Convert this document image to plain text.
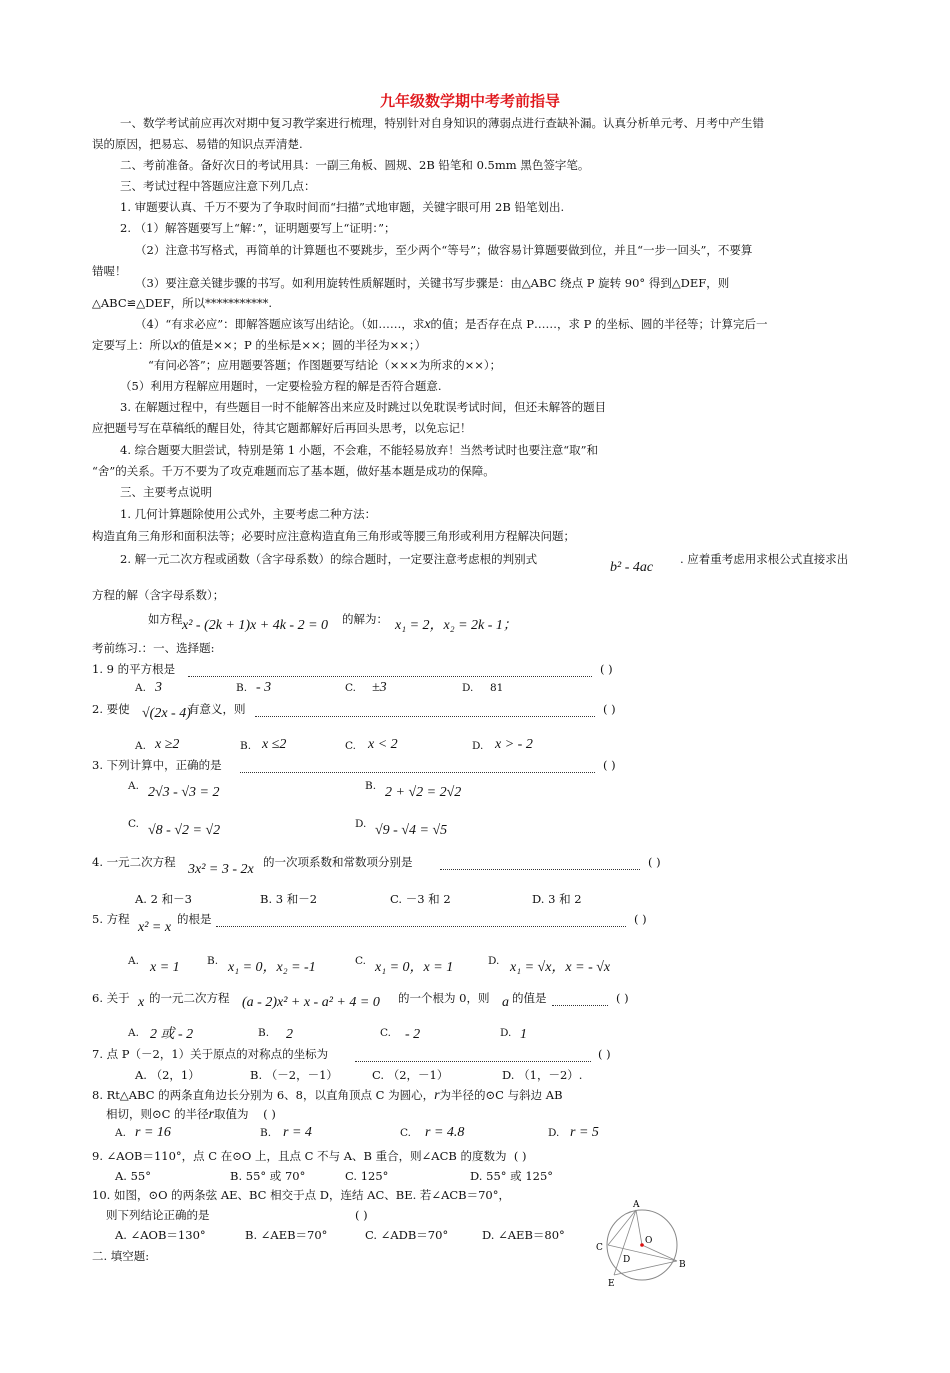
九年级数学期中考考前指导
一、数学考试前应再次对期中复习教学案进行梳理，特别针对自身知识的薄弱点进行查缺补漏。认真分析单元考、月考中产生错
误的原因，把易忘、易错的知识点弄清楚.
二、考前准备。备好次日的考试用具：一副三角板、圆规、2B 铅笔和 0.5mm 黑色签字笔。
三、考试过程中答题应注意下列几点：
1. 审题要认真、千万不要为了争取时间而“扫描”式地审题，关键字眼可用 2B 铅笔划出.
2. （1）解答题要写上“解：”，证明题要写上“证明：”；
（2）注意书写格式，再简单的计算题也不要跳步，至少两个“等号”；做容易计算题要做到位，并且“一步一回头”，不要算
错喔！
（3）要注意关键步骤的书写。如利用旋转性质解题时，关键书写步骤是：由△ABC 绕点 P 旋转 90° 得到△DEF，则
△ABC≌△DEF，所以***********.
（4）“有求必应”：即解答题应该写出结论。（如……，求x的值；是否存在点 P……，求 P 的坐标、圆的半径等；计算完后一
定要写上：所以x的值是××；P 的坐标是××；圆的半径为××；）
“有问必答”；应用题要答题；作图题要写结论（×××为所求的××）；
（5）利用方程解应用题时，一定要检验方程的解是否符合题意.
3. 在解题过程中，有些题目一时不能解答出来应及时跳过以免耽误考试时间，但还未解答的题目
应把题号写在草稿纸的醒目处，待其它题都解好后再回头思考，以免忘记！
4. 综合题要大胆尝试，特别是第 1 小题，不会难，不能轻易放弃！当然考试时也要注意“取”和
“舍”的关系。千万不要为了攻克难题而忘了基本题，做好基本题是成功的保障。
三、主要考点说明
1. 几何计算题除使用公式外，主要考虑二种方法：
构造直角三角形和面积法等；必要时应注意构造直角三角形或等腰三角形或利用方程解决问题；
2. 解一元二次方程或函数（含字母系数）的综合题时，一定要注意考虑根的判别式
b² - 4ac
. 应着重考虑用求根公式直接求出
方程的解（含字母系数）；
如方程 x² - (2k + 1)x + 4k - 2 = 0 的解为： x₁ = 2，x₂ = 2k - 1；
考前练习.：一、选择题:
1. 9 的平方根是	( )
A. 3	B. - 3	C. ±3	D. 81
2. 要使 √(2x - 4)
有意义，则	( )
A. x ≥2	B. x ≤2	C. x < 2	D. x > - 2
3. 下列计算中，正确的是	( )
A. 2√3 - √3 = 2	B. 2 + √2 = 2√2
C. √8 - √2 = √2	D. √9 - √4 = √5
4. 一元二次方程 3x² = 3 - 2x 的一次项系数和常数项分别是	( )
A. 2 和－3	B. 3 和－2	C. －3 和 2	D. 3 和 2
5. 方程
x² = x
的根是	( )
A. x = 1	B. x₁ = 0，x₂ = -1	C. x₁ = 0，x = 1	D. x₁ = √x，x = - √x
6. 关于 x 的一元二次方程 (a - 2)x² + x - a² + 4 = 0 的一个根为 0，则 a 的值是	( )
A. 2 或 - 2	B. 2	C. - 2	D. 1
7. 点 P（－2，1）关于原点的对称点的坐标为	( )
A. （2，1）	B. （－2，－1）	C. （2，－1）	D. （1，－2）.
8. Rt△ABC 的两条直角边长分别为 6、8，以直角顶点 C 为圆心，r为半径的⊙C 与斜边 AB
相切，则⊙C 的半径r取值为 ( )
A. r = 16	B. r = 4	C. r = 4.8	D. r = 5
9. ∠AOB＝110°，点 C 在⊙O 上，且点 C 不与 A、B 重合，则∠ACB 的度数为 ( )
A. 55°	B. 55° 或 70°	C. 125°	D. 55° 或 125°
10. 如图，⊙O 的两条弦 AE、BC 相交于点 D，连结 AC、BE. 若∠ACB＝70°，
则下列结论正确的是	( )
A. ∠AOB＝130°	B. ∠AEB＝70°	C. ∠ADB＝70°	D. ∠AEB＝80°
二. 填空题:
A
B
C
D
E
O
